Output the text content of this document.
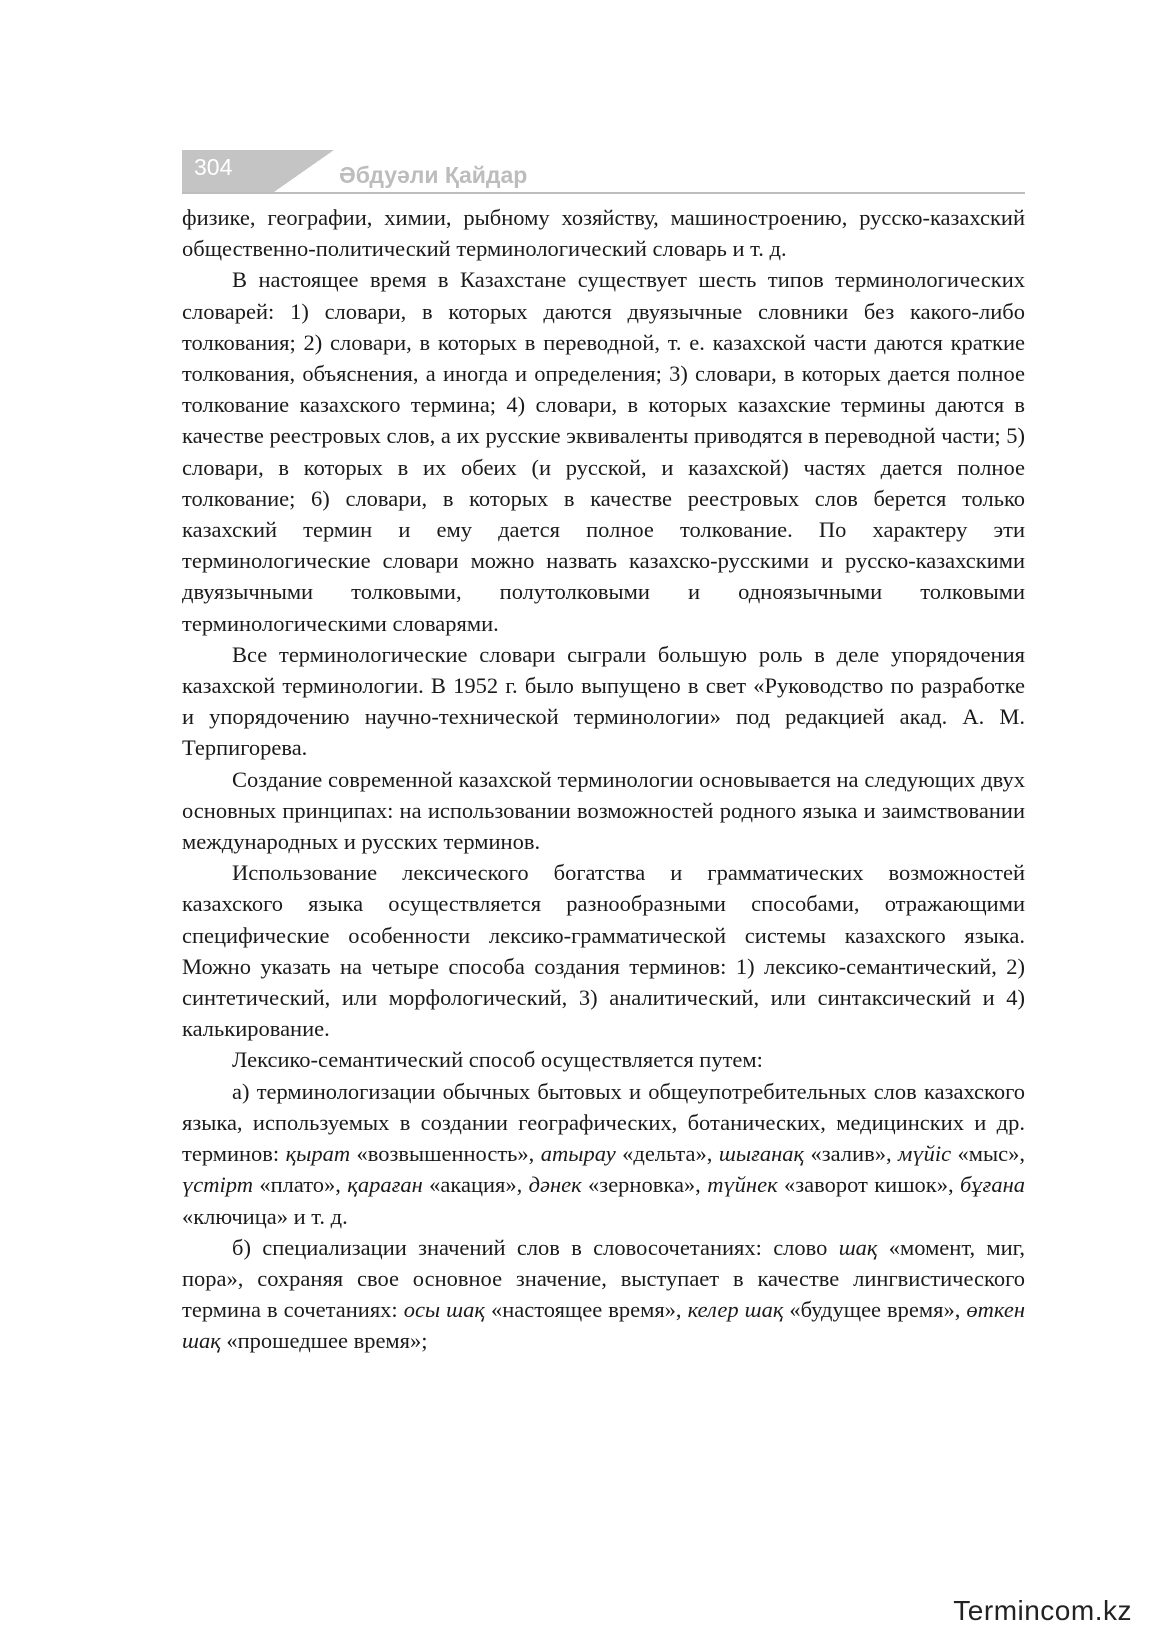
304	Әбдуәли Қайдар

физике, географии, химии, рыбному хозяйству, машиностроению, русско-казахский общественно-политический терминологический словарь и т. д.

В настоящее время в Казахстане существует шесть типов терминологических словарей: 1) словари, в которых даются двуязычные словники без какого-либо толкования; 2) словари, в которых в переводной, т. е. казахской части даются краткие толкования, объяснения, а иногда и определения; 3) словари, в которых дается полное толкование казахского термина; 4) словари, в которых казахские термины даются в качестве реестровых слов, а их русские эквиваленты приводятся в переводной части; 5) словари, в которых в их обеих (и русской, и казахской) частях дается полное толкование; 6) словари, в которых в качестве реестровых слов берется только казахский термин и ему дается полное толкование. По характеру эти терминологические словари можно назвать казахско-русскими и русско-казахскими двуязычными толковыми, полутолковыми и одноязычными толковыми терминологическими словарями.

Все терминологические словари сыграли большую роль в деле упорядочения казахской терминологии. В 1952 г. было выпущено в свет «Руководство по разработке и упорядочению научно-технической терминологии» под редакцией акад. А. М. Терпигорева.

Создание современной казахской терминологии основывается на следующих двух основных принципах: на использовании возможностей родного языка и заимствовании международных и русских терминов.

Использование лексического богатства и грамматических возможностей казахского языка осуществляется разнообразными способами, отражающими специфические особенности лексико-грамматической системы казахского языка. Можно указать на четыре способа создания терминов: 1) лексико-семантический, 2) синтетический, или морфологический, 3) аналитический, или синтаксический и 4) калькирование.

Лексико-семантический способ осуществляется путем:

а) терминологизации обычных бытовых и общеупотребительных слов казахского языка, используемых в создании географических, ботанических, медицинских и др. терминов: қырат «возвышенность», атырау «дельта», шығанақ «залив», мүйіс «мыс», үстірт «плато», қараған «акация», дəнек «зерновка», түйнек «заворот кишок», бұғана «ключица» и т. д.

б) специализации значений слов в словосочетаниях: слово шақ «момент, миг, пора», сохраняя свое основное значение, выступает в качестве лингвистического термина в сочетаниях: осы шақ «настоящее время», келер шақ «будущее время», өткен шақ «прошедшее время»;

Termincom.kz
